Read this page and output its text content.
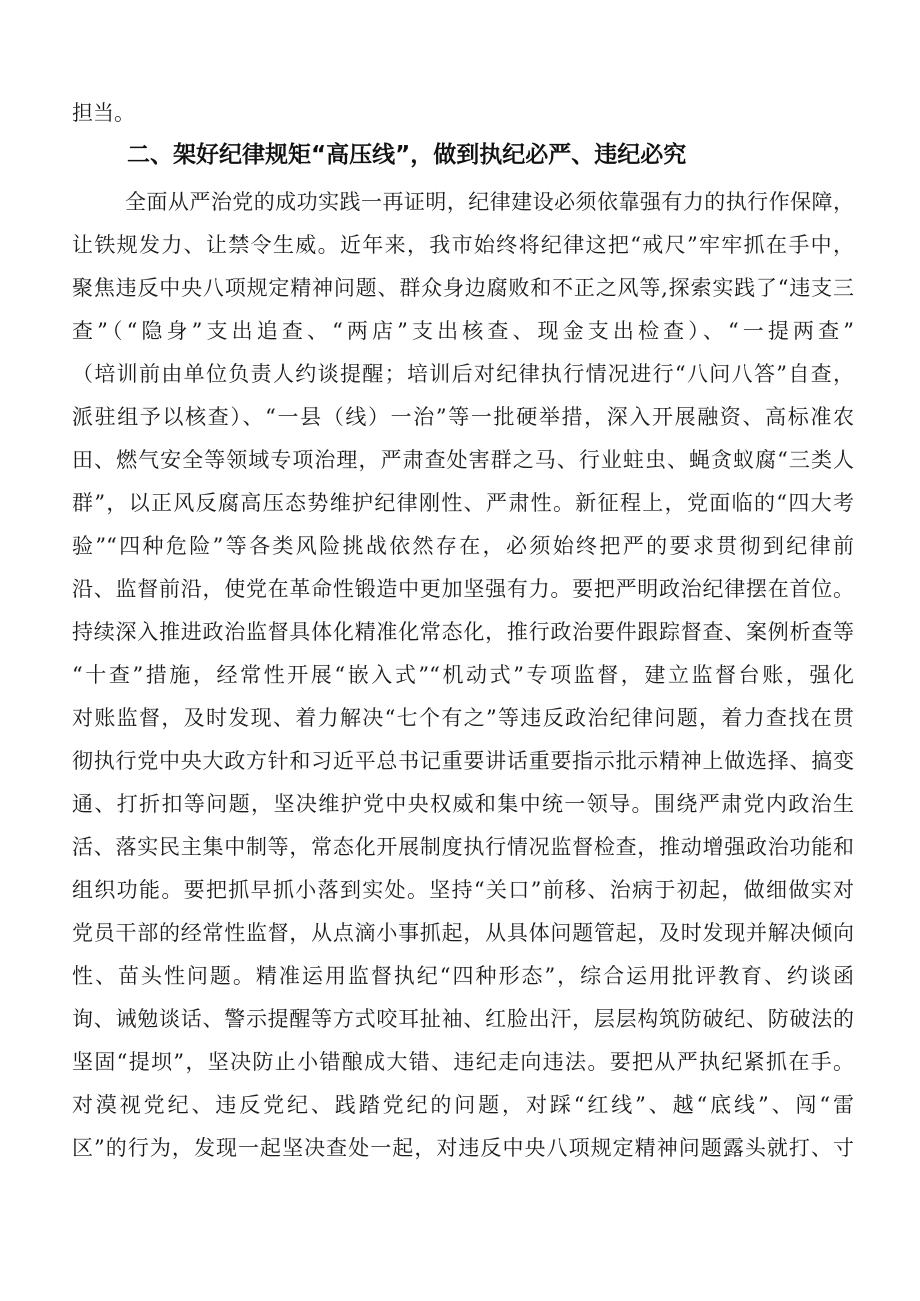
担当。
二、架好纪律规矩“高压线”，做到执纪必严、违纪必究
全面从严治党的成功实践一再证明，纪律建设必须依靠强有力的执行作保障，
让铁规发力、让禁令生威。近年来，我市始终将纪律这把“戒尺”牢牢抓在手中，
聚焦违反中央八项规定精神问题、群众身边腐败和不正之风等,探索实践了“违支三
查”（“隐身”支出追查、“两店”支出核查、现金支出检查）、“一提两查”
（培训前由单位负责人约谈提醒；培训后对纪律执行情况进行“八问八答”自查，
派驻组予以核查）、“一县（线）一治”等一批硬举措，深入开展融资、高标准农
田、燃气安全等领域专项治理，严肃查处害群之马、行业蛀虫、蝇贪蚁腐“三类人
群”，以正风反腐高压态势维护纪律刚性、严肃性。新征程上，党面临的“四大考
验”“四种危险”等各类风险挑战依然存在，必须始终把严的要求贯彻到纪律前
沿、监督前沿，使党在革命性锻造中更加坚强有力。要把严明政治纪律摆在首位。
持续深入推进政治监督具体化精准化常态化，推行政治要件跟踪督查、案例析查等
“十查”措施，经常性开展“嵌入式”“机动式”专项监督，建立监督台账，强化
对账监督，及时发现、着力解决“七个有之”等违反政治纪律问题，着力查找在贯
彻执行党中央大政方针和习近平总书记重要讲话重要指示批示精神上做选择、搞变
通、打折扣等问题，坚决维护党中央权威和集中统一领导。围绕严肃党内政治生
活、落实民主集中制等，常态化开展制度执行情况监督检查，推动增强政治功能和
组织功能。要把抓早抓小落到实处。坚持“关口”前移、治病于初起，做细做实对
党员干部的经常性监督，从点滴小事抓起，从具体问题管起，及时发现并解决倾向
性、苗头性问题。精准运用监督执纪“四种形态”，综合运用批评教育、约谈函
询、诫勉谈话、警示提醒等方式咬耳扯袖、红脸出汗，层层构筑防破纪、防破法的
坚固“提坝”，坚决防止小错酿成大错、违纪走向违法。要把从严执纪紧抓在手。
对漠视党纪、违反党纪、践踏党纪的问题，对踩“红线”、越“底线”、闯“雷
区”的行为，发现一起坚决查处一起，对违反中央八项规定精神问题露头就打、寸
